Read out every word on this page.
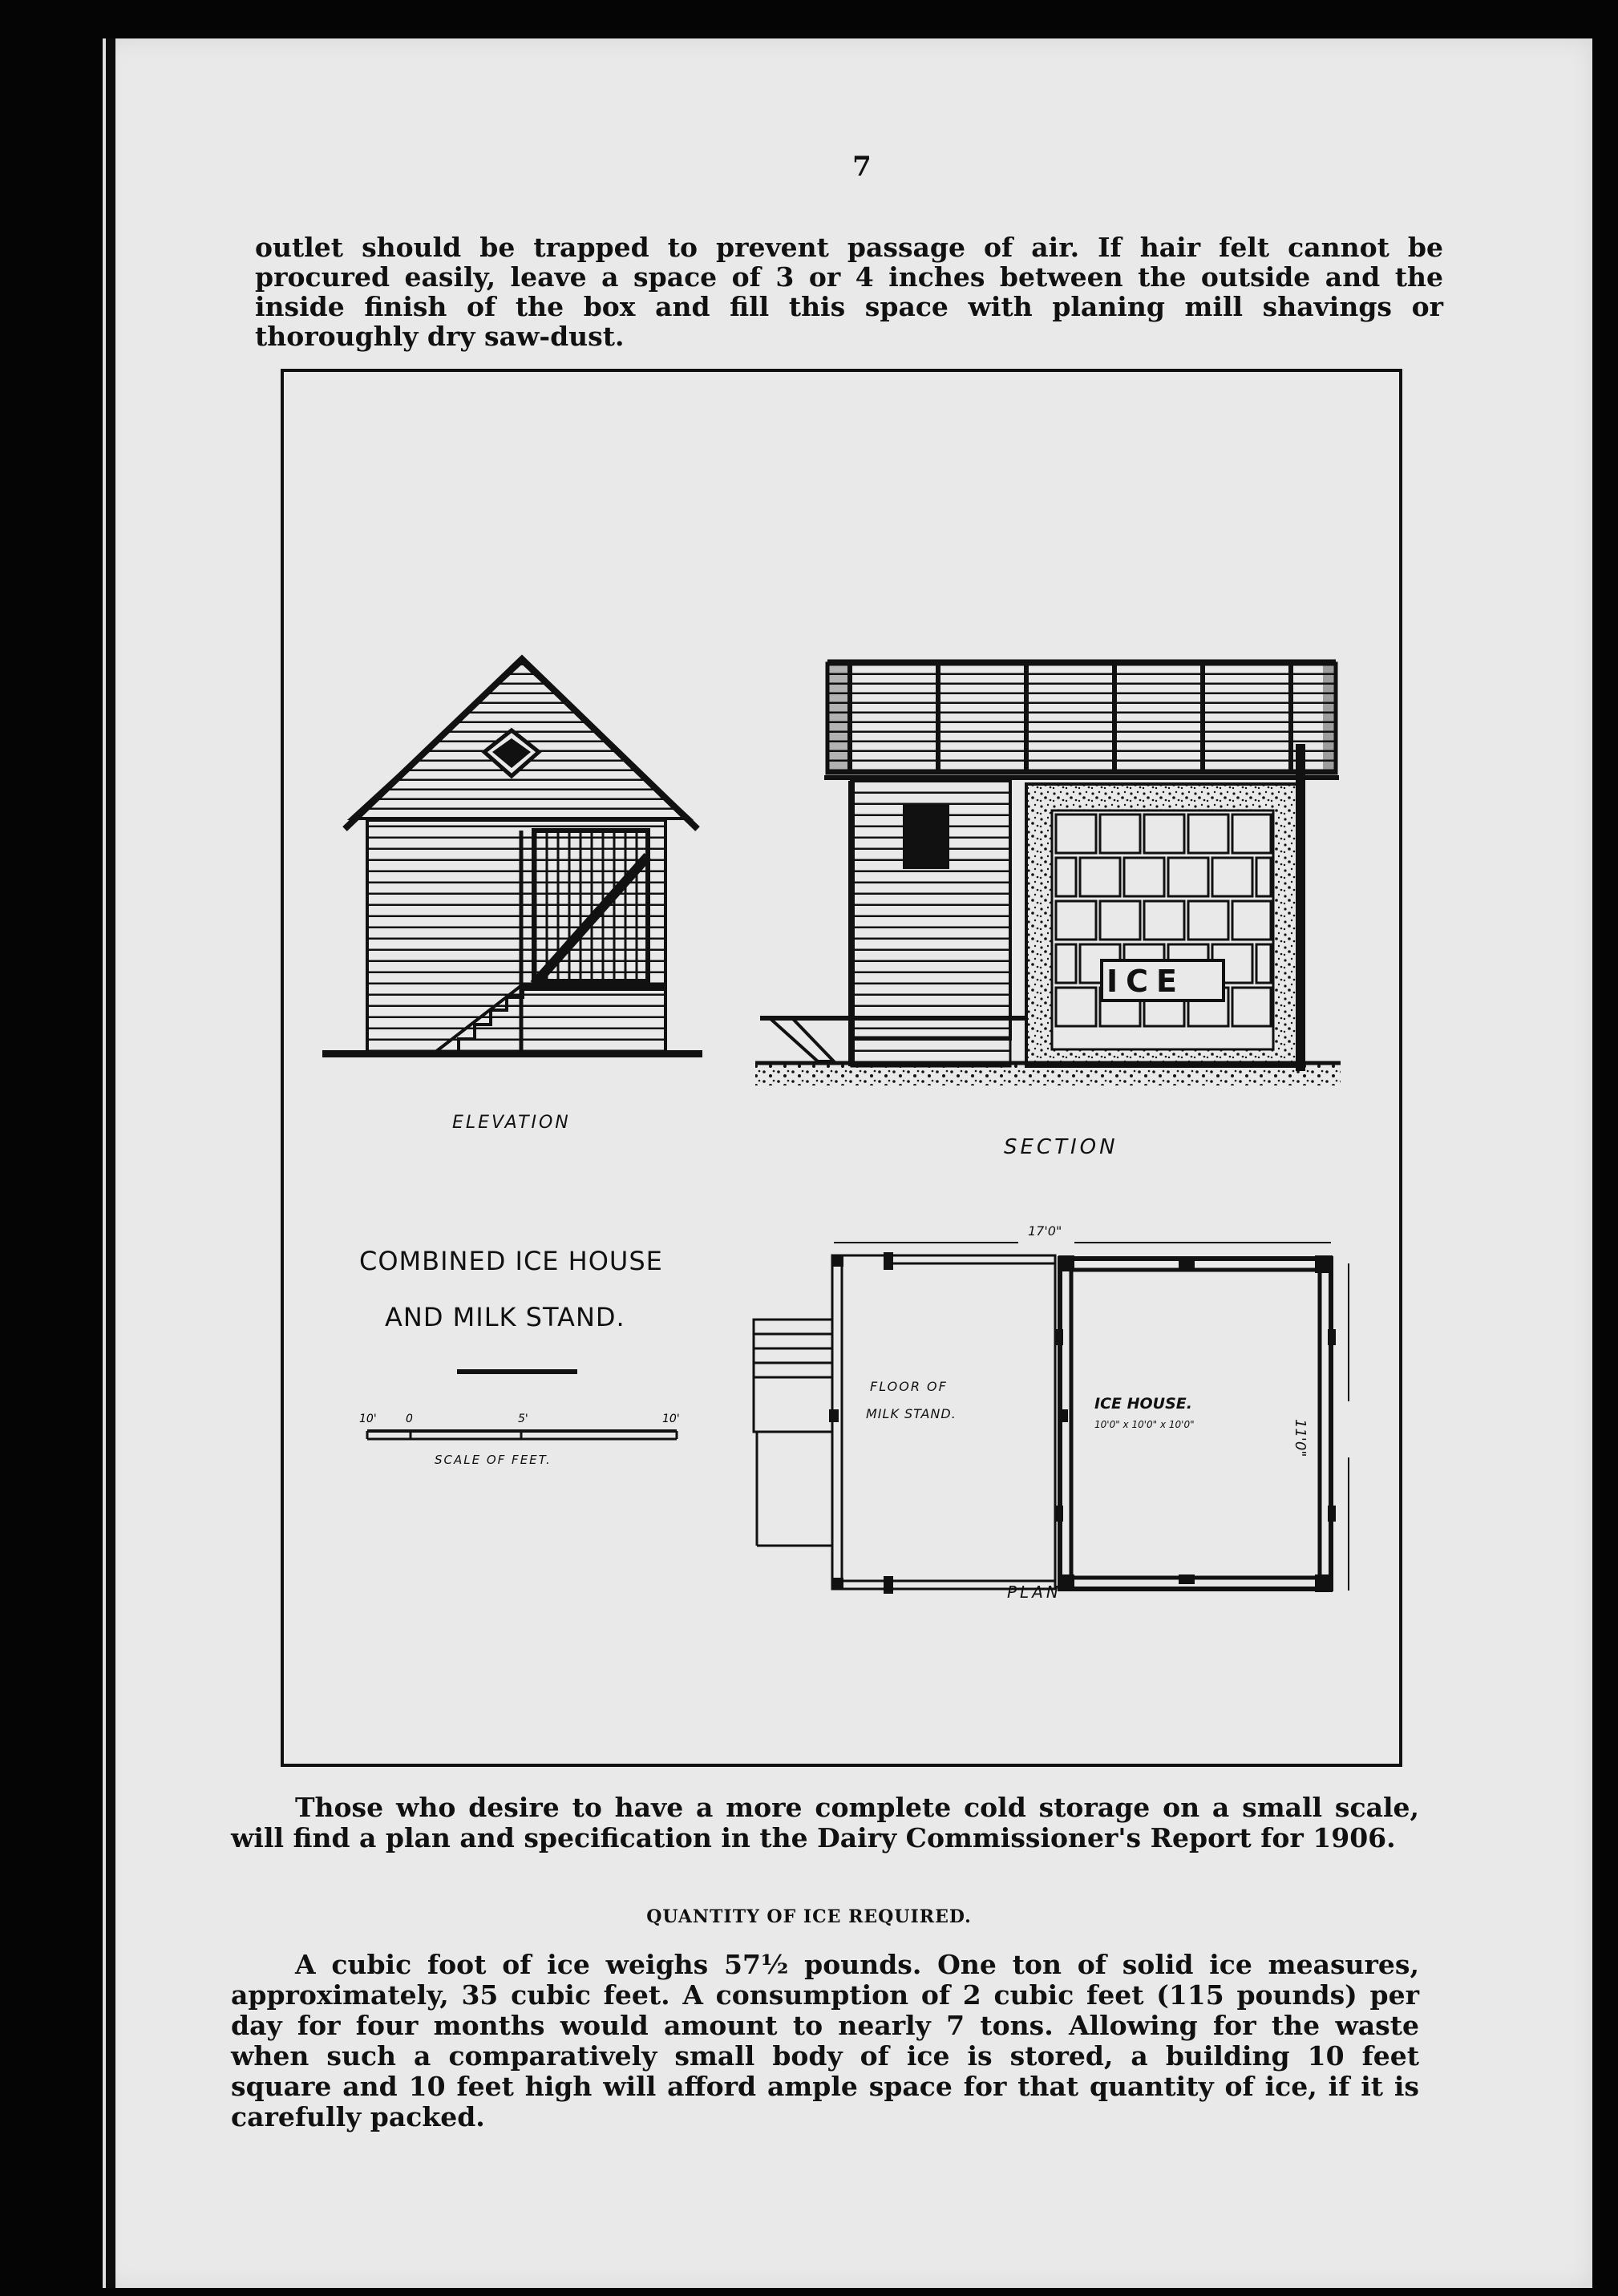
7

outlet should be trapped to prevent passage of air. If hair felt cannot be procured easily, leave a space of 3 or 4 inches between the outside and the inside finish of the box and fill this space with planing mill shavings or thoroughly dry saw-dust.

ELEVATION
SECTION
ICE
COMBINED ICE HOUSE
AND MILK STAND.
10'	0	5'	10'
SCALE OF FEET.
FLOOR OF
MILK STAND.
ICE HOUSE.
10'0" x 10'0" x 10'0"
17'0"
11'0"
PLAN

Those who desire to have a more complete cold storage on a small scale, will find a plan and specification in the Dairy Commissioner's Report for 1906.

QUANTITY OF ICE REQUIRED.

A cubic foot of ice weighs 57½ pounds. One ton of solid ice measures, approximately, 35 cubic feet. A consumption of 2 cubic feet (115 pounds) per day for four months would amount to nearly 7 tons. Allowing for the waste when such a comparatively small body of ice is stored, a building 10 feet square and 10 feet high will afford ample space for that quantity of ice, if it is carefully packed.
